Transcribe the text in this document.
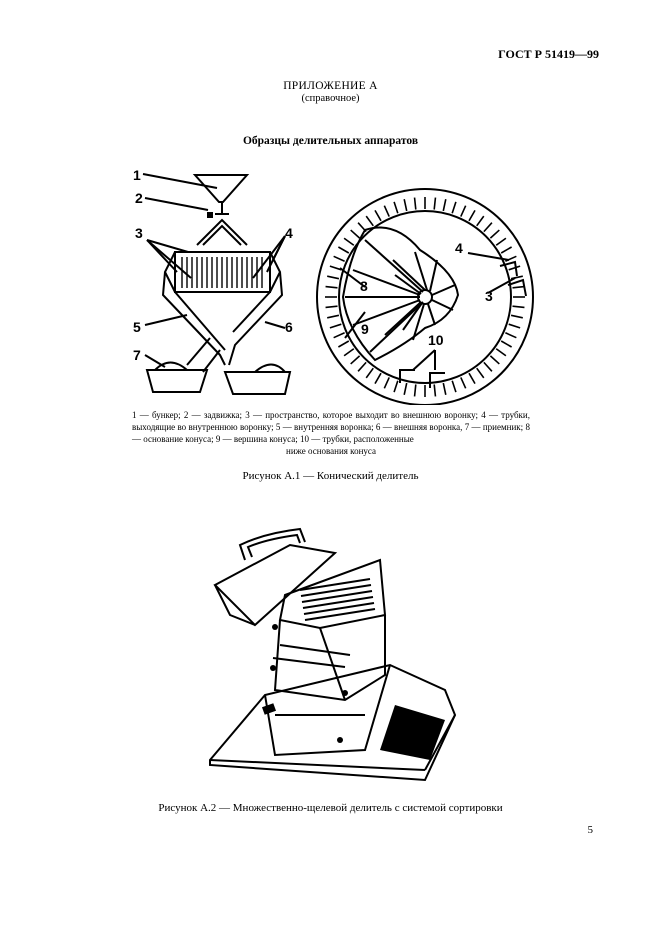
ГОСТ Р 51419—99
ПРИЛОЖЕНИЕ А
(справочное)
Образцы делительных аппаратов
1
2
3	4
5	6
7
4
3
8
9
10

1 — бункер; 2 — задвижка; 3 — пространство, которое выходит во внешнюю воронку; 4 — трубки, выходящие во внутреннюю воронку; 5 — внутренняя воронка; 6 — внешняя воронка, 7 — приемник; 8 — основание конуса; 9 — вершина конуса; 10 — трубки, расположенные

ниже основания конуса

Рисунок А.1 — Конический делитель
Рисунок А.2 — Множественно-щелевой делитель с системой сортировки
5
